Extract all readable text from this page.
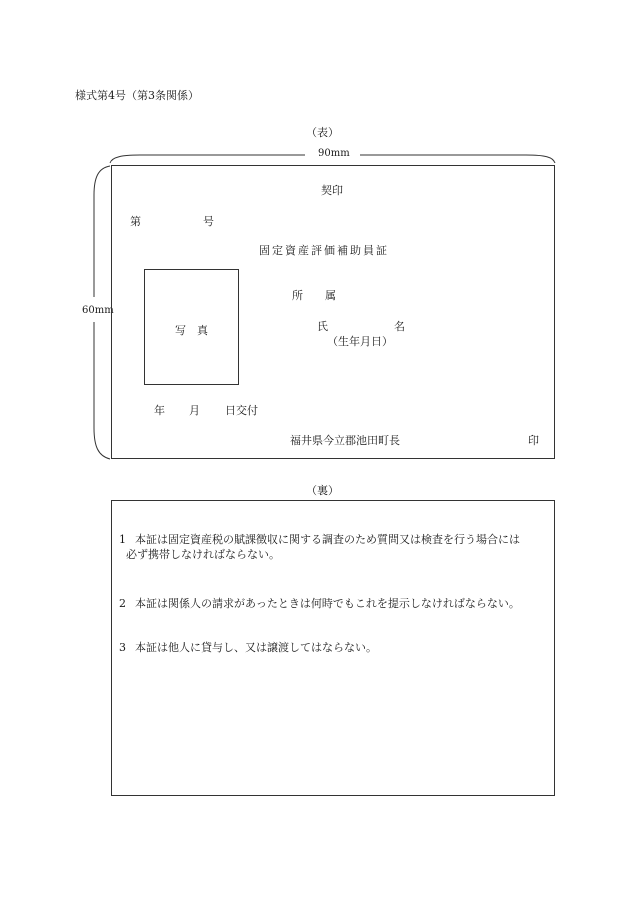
様式第4号（第3条関係）
（表）
90mm
60mm
契印
第	号
固定資産評価補助員証
写　真
所　　属
氏　　　　　　名
（生年月日）
年 月 日交付
福井県今立郡池田町長	印
（裏）
1 本証は固定資産税の賦課徴収に関する調査のため質問又は検査を行う場合には
必ず携帯しなければならない。
2 本証は関係人の請求があったときは何時でもこれを提示しなければならない。
3 本証は他人に貸与し、又は譲渡してはならない。
